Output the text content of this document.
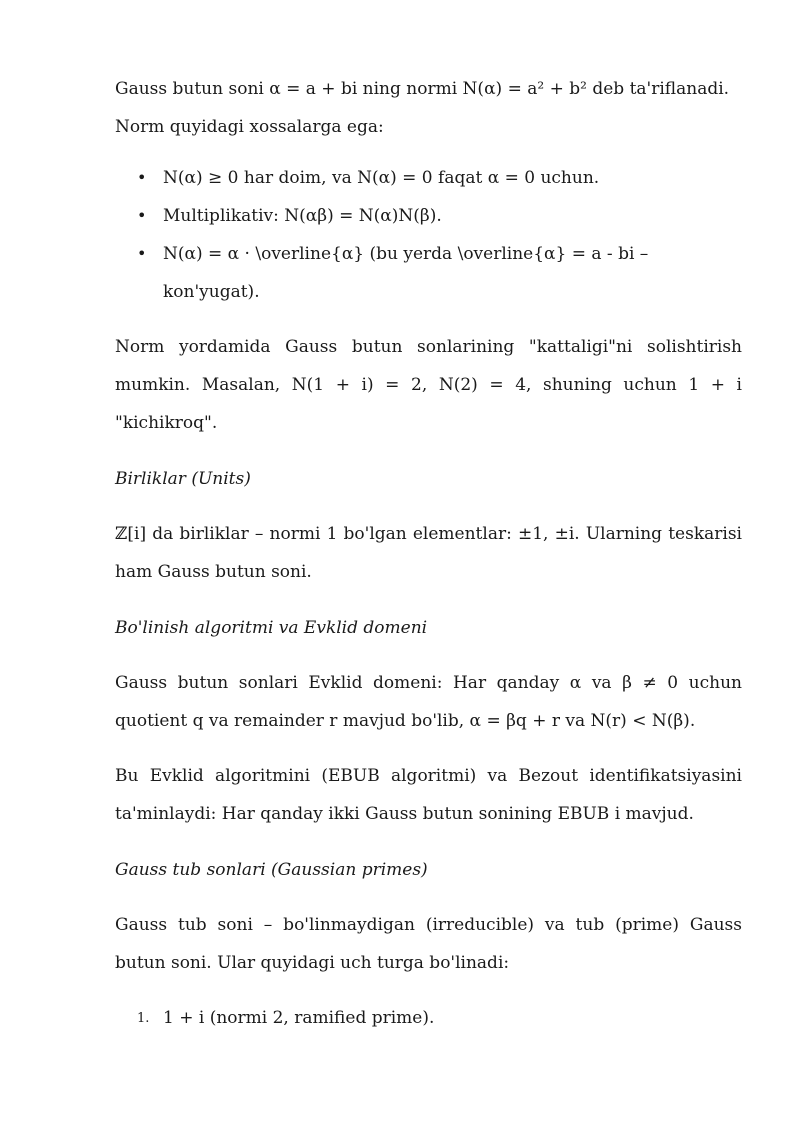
Gauss butun soni α = a + bi ning normi N(α) = a² + b² deb ta'riflanadi.
Norm quyidagi xossalarga ega:

• N(α) ≥ 0 har doim, va N(α) = 0 faqat α = 0 uchun.
• Multiplikativ: N(αβ) = N(α)N(β).
• N(α) = α · \overline{α} (bu yerda \overline{α} = a - bi – kon'yugat).

Norm yordamida Gauss butun sonlarining "kattaligi"ni solishtirish mumkin. Masalan, N(1 + i) = 2, N(2) = 4, shuning uchun 1 + i "kichikroq".

Birliklar (Units)

ℤ[i] da birliklar – normi 1 bo'lgan elementlar: ±1, ±i. Ularning teskarisi ham Gauss butun soni.

Bo'linish algoritmi va Evklid domeni

Gauss butun sonlari Evklid domeni: Har qanday α va β ≠ 0 uchun quotient q va remainder r mavjud bo'lib, α = βq + r va N(r) < N(β).

Bu Evklid algoritmini (EBUB algoritmi) va Bezout identifikatsiyasini ta'minlaydi: Har qanday ikki Gauss butun sonining EBUB i mavjud.

Gauss tub sonlari (Gaussian primes)

Gauss tub soni – bo'linmaydigan (irreducible) va tub (prime) Gauss butun soni. Ular quyidagi uch turga bo'linadi:

1. 1 + i (normi 2, ramified prime).
